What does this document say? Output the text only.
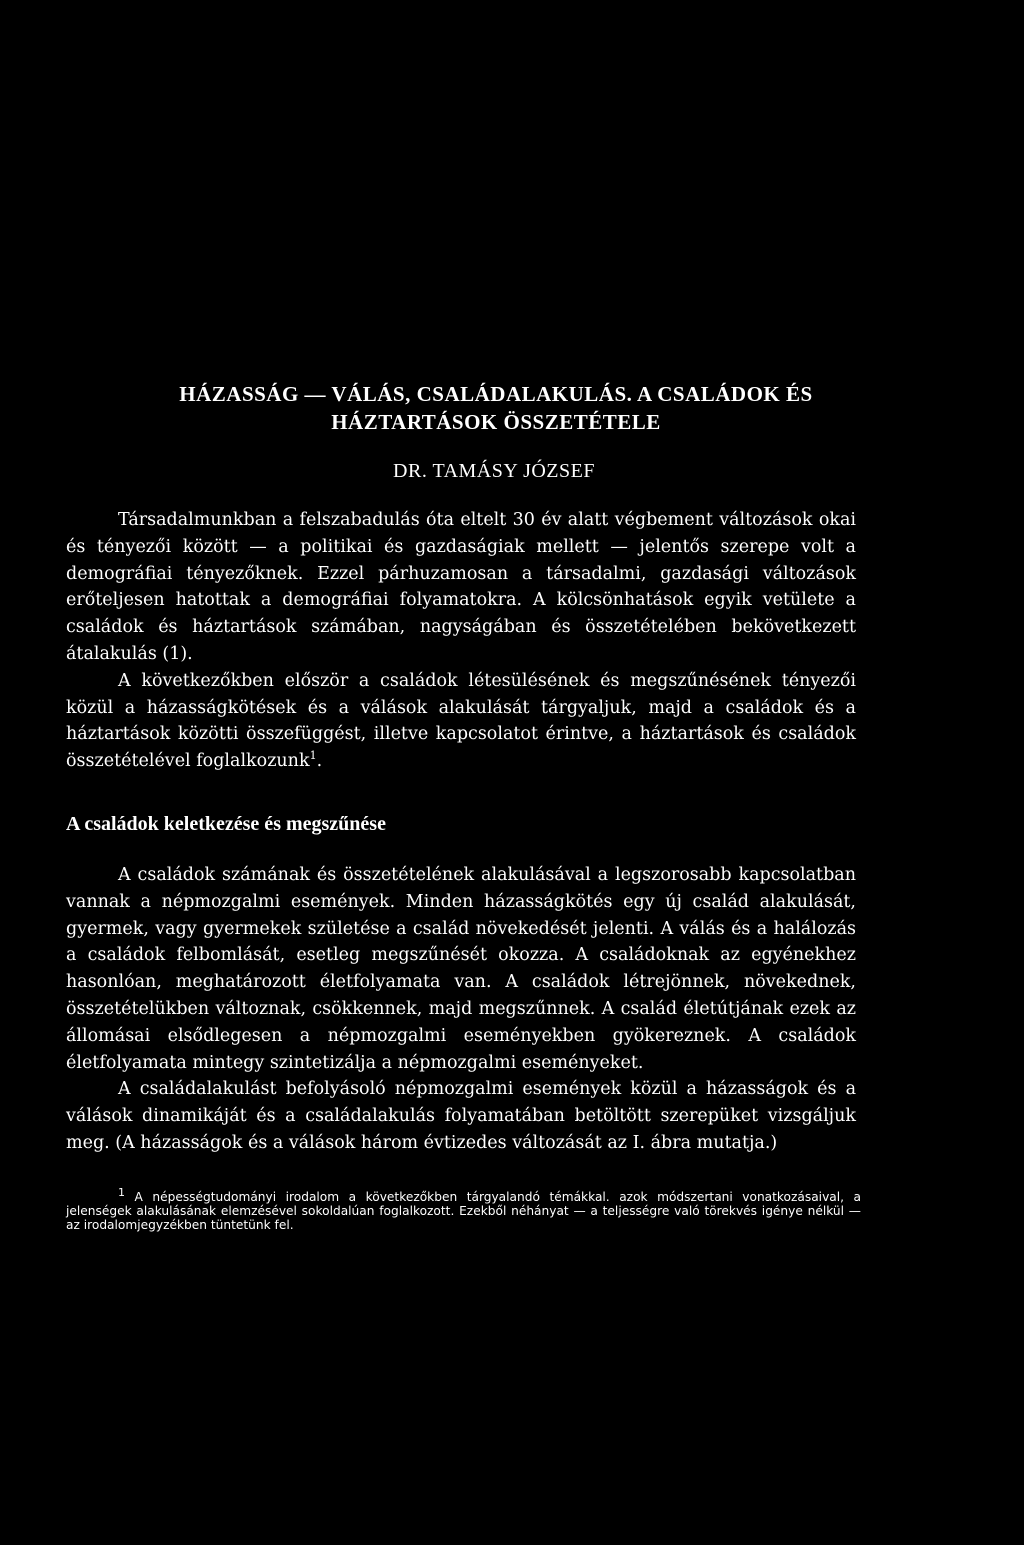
HÁZASSÁG — VÁLÁS, CSALÁDALAKULÁS. A CSALÁDOK ÉS
HÁZTARTÁSOK ÖSSZETÉTELE
DR. TAMÁSY JÓZSEF

Társadalmunkban a felszabadulás óta eltelt 30 év alatt végbement változások okai és tényezői között — a politikai és gazdaságiak mellett — jelentős szerepe volt a demográfiai tényezőknek. Ezzel párhuzamosan a társadalmi, gazdasági változások erőteljesen hatottak a demográfiai folyamatokra. A kölcsönhatások egyik vetülete a családok és háztartások számában, nagyságában és összetételében bekövetkezett átalakulás (1).

A következőkben először a családok létesülésének és megszűnésének tényezői közül a házasságkötések és a válások alakulását tárgyaljuk, majd a családok és a háztartások közötti összefüggést, illetve kapcsolatot érintve, a háztartások és családok összetételével foglalkozunk$^1$.

A családok keletkezése és megszűnése

A családok számának és összetételének alakulásával a legszorosabb kapcsolatban vannak a népmozgalmi események. Minden házasságkötés egy új család alakulását, gyermek, vagy gyermekek születése a család növekedését jelenti. A válás és a halálozás a családok felbomlását, esetleg megszűnését okozza. A családoknak az egyénekhez hasonlóan, meghatározott életfolyamata van. A családok létrejönnek, növekednek, összetételükben változnak, csökkennek, majd megszűnnek. A család életútjának ezek az állomásai elsődlegesen a népmozgalmi eseményekben gyökereznek. A családok életfolyamata mintegy szintetizálja a népmozgalmi eseményeket.

A családalakulást befolyásoló népmozgalmi események közül a házasságok és a válások dinamikáját és a családalakulás folyamatában betöltött szerepüket vizsgáljuk meg. (A házasságok és a válások három évtizedes változását az I. ábra mutatja.)

$^1$ A népességtudományi irodalom a következőkben tárgyalandó témákkal. azok módszertani vonatkozásaival, a jelenségek alakulásának elemzésével sokoldalúan foglalkozott. Ezekből néhányat — a teljességre való törekvés igénye nélkül — az irodalomjegyzékben tüntetünk fel.
